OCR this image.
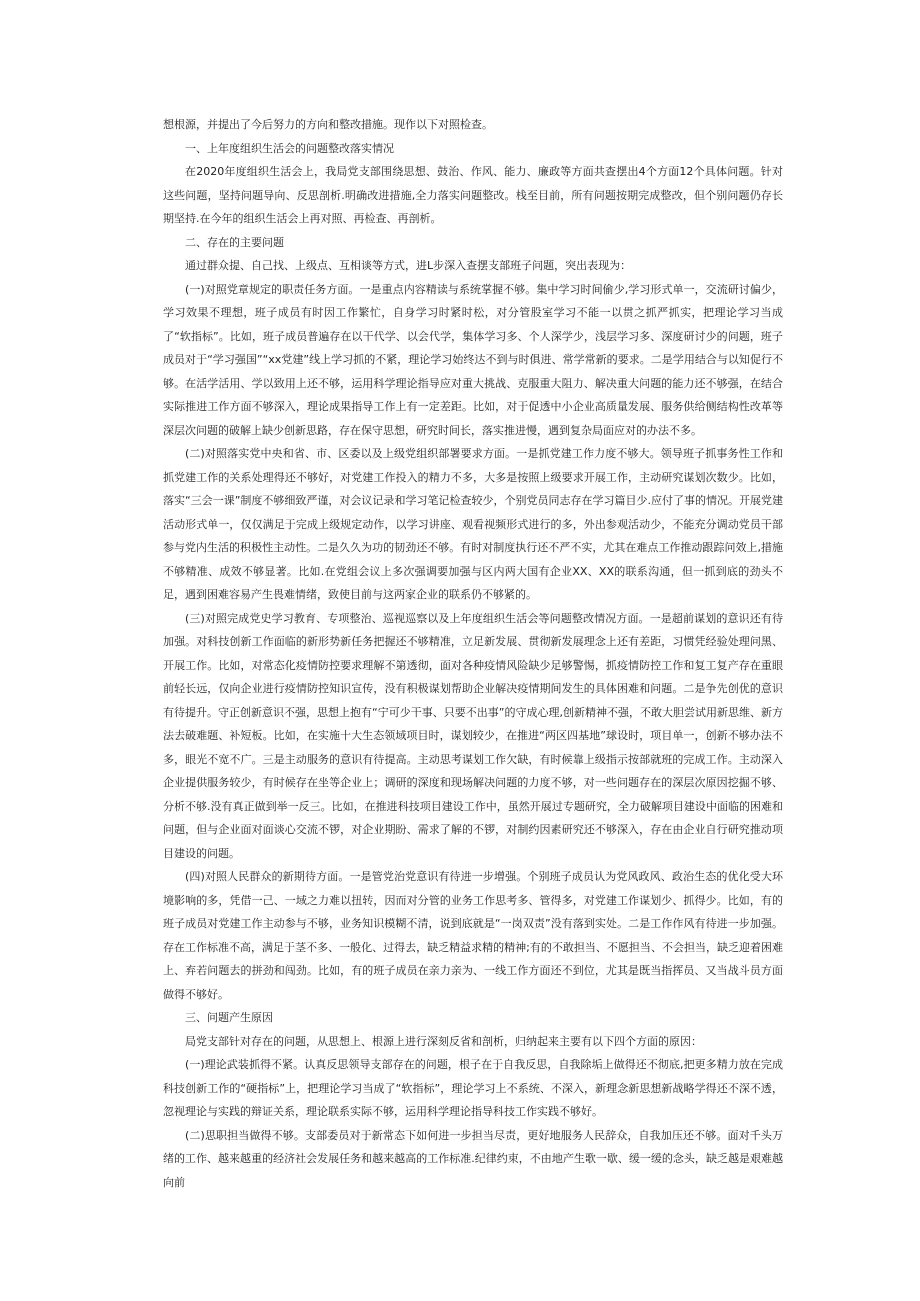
想根源，并提出了今后努力的方向和整改措施。现作以下对照检查。

一、上年度组织生活会的问题整改落实情况

在2020年度组织生活会上，我局党支部围绕思想、鼓治、作风、能力、廉政等方面共查摆出4个方面12个具体问题。针对这些问题，坚持问题导向、反思剖析.明确改进措施,全力落实问题整改。栈至目前，所有问题按期完成整改，但个别问题仍存长期坚持.在今年的组织生活会上再对照、再检查、再剖析。

二、存在的主要问题

通过群众提、自己找、上级点、互相谈等方式，进L步深入查摆支部班子问题，突出表现为：

(一)对照党章规定的职责任务方面。一是重点内容精读与系统掌握不够。集中学习时间偷少,学习形式单一，交流研讨偏少，学习效果不理想，班子成员有时因工作繁忙，自身学习时紧时松，对分管股室学习不能一以贯之抓严抓实，把理论学习当成了“软指标”。比如，班子成员普遍存在以干代学、以会代学，集体学习多、个人深学少，浅层学习多、深度研讨少的问题，班子成员对于“学习强国”“xx党建”线上学习抓的不紧，理论学习始终达不到与时俱进、常学常新的要求。二是学用结合与以知促行不够。在活学活用、学以致用上还不够，运用科学理论指导应对重大挑战、克服重大阻力、解决重大问题的能力还不够强，在结合实际推进工作方面不够深入，理论成果指导工作上有一定差距。比如，对于促透中小企业高质量发展、服务供给侧结构性改革等深层次问题的破解上缺少创新思路，存在保守思想，研究时间长，落实推进慢，遇到复杂局面应对的办法不多。

(二)对照落实党中央和省、市、区委以及上级党组织部署要求方面。一是抓党建工作力度不够大。领导班子抓事务性工作和抓党建工作的关系处理得还不够好，对党建工作投入的精力不多，大多是按照上级要求开展工作，主动研究谋划次数少。比如，落实“三会一课”制度不够细致严谨，对会议记录和学习笔记检查较少，个别党员同志存在学习篇目少.应付了事的情况。开展党建活动形式单一，仅仅满足于完成上级规定动作，以学习讲座、观看视频形式进行的多，外出参观活动少，不能充分调动党员干部参与党内生活的积极性主动性。二是久久为功的韧劲还不够。有时对制度执行还不严不实，尤其在难点工作推动跟踪问效上,措施不够精准、成效不够显著。比如.在党组会议上多次强调要加强与区内两大国有企业XX、XX的联系沟通，但一抓到底的劲头不足，遇到困难容易产生畏难情绪，致使目前与这两家企业的联系仍不够紧的。

(三)对照完成党史学习教育、专项整治、巡视巡察以及上年度组织生活会等问题整改情况方面。一是超前谋划的意识还有待加强。对科技创新工作面临的新形势新任务把握还不够精准，立足新发展、贯彻新发展理念上还有差距，习惯凭经验处理问黑、开展工作。比如，对常态化疫情防控要求理解不第透彻，面对各种疫情风险缺少足够警惕，抓疫情防控工作和复工复产存在重眼前轻长远，仅向企业进行疫情防控知识宣传，没有积极谋划帮助企业解决疫情期间发生的具体困难和问题。二是争先创优的意识有待提升。守正创新意识不强，思想上抱有“宁可少干事、只要不出事”的守成心理,创新精神不强，不敢大胆尝试用新思维、新方法去破难题、补短板。比如，在实施十大生态领域项目时，谋划较少，在推进“两区四基地”球设时，项目单一，创新不够办法不多，眼光不宽不广。三是主动服务的意识有待提高。主动思考谋划工作欠缺，有时候靠上级指示按部就班的完成工作。主动深入企业提供服务较少，有时候存在坐等企业上；调研的深度和现场解决问题的力度不够，对一些问题存在的深层次原因挖掘不够、分析不够.没有真正做到举一反三。比如，在推进科技项目建设工作中，虽然开展过专题研究，全力破解项目建设中面临的困难和问题，但与企业面对面谈心交流不锣，对企业期盼、需求了解的不锣，对制约因素研究还不够深入，存在由企业自行研究推动项目建设的问题。

(四)对照人民群众的新期待方面。一是管党治党意识有待进一步增强。个别班子成员认为党风政风、政治生态的优化受大环境影响的多，凭借一己、一域之力难以扭转，因而对分管的业务工作思考多、管得多，对党建工作谋划少、抓得少。比如，有的班子成员对党建工作主动参与不够，业务知识模糊不清，说到底就是“一岗双责”没有落到实处。二是工作作风有待进一步加强。存在工作标准不高，满足于茎不多、一般化、过得去，缺乏精益求精的精神;有的不敢担当、不愿担当、不会担当，缺乏迎着困难上、弃若问题去的拼劲和闯劲。比如，有的班子成员在亲力亲为、一线工作方面还不到位，尤其是既当指挥员、又当战斗员方面做得不够好。

三、问题产生原因

局党支部针对存在的问题，从思想上、根源上进行深刻反省和剖析，归纳起来主要有以下四个方面的原因：

(一)理论武装抓得不紧。认真反思领导支部存在的问题，根子在于自我反思，自我除垢上做得还不彻底,把更多精力放在完成科技创新工作的“硬指标”上，把理论学习当成了“软指标”，理论学习上不系统、不深入，新理念新思想新战略学得还不深不透，忽视理论与实践的辩证关系，理论联系实际不够，运用科学理论指导科技工作实践不够好。

(二)思职担当做得不够。支部委员对于新常态下如何进一步担当尽责，更好地服务人民辞众，自我加压还不够。面对千头万绪的工作、越来越重的经济社会发展任务和越来越高的工作标准.纪律约束，不由地产生歌一歇、缓一缓的念头，缺乏越是艰难越向前
